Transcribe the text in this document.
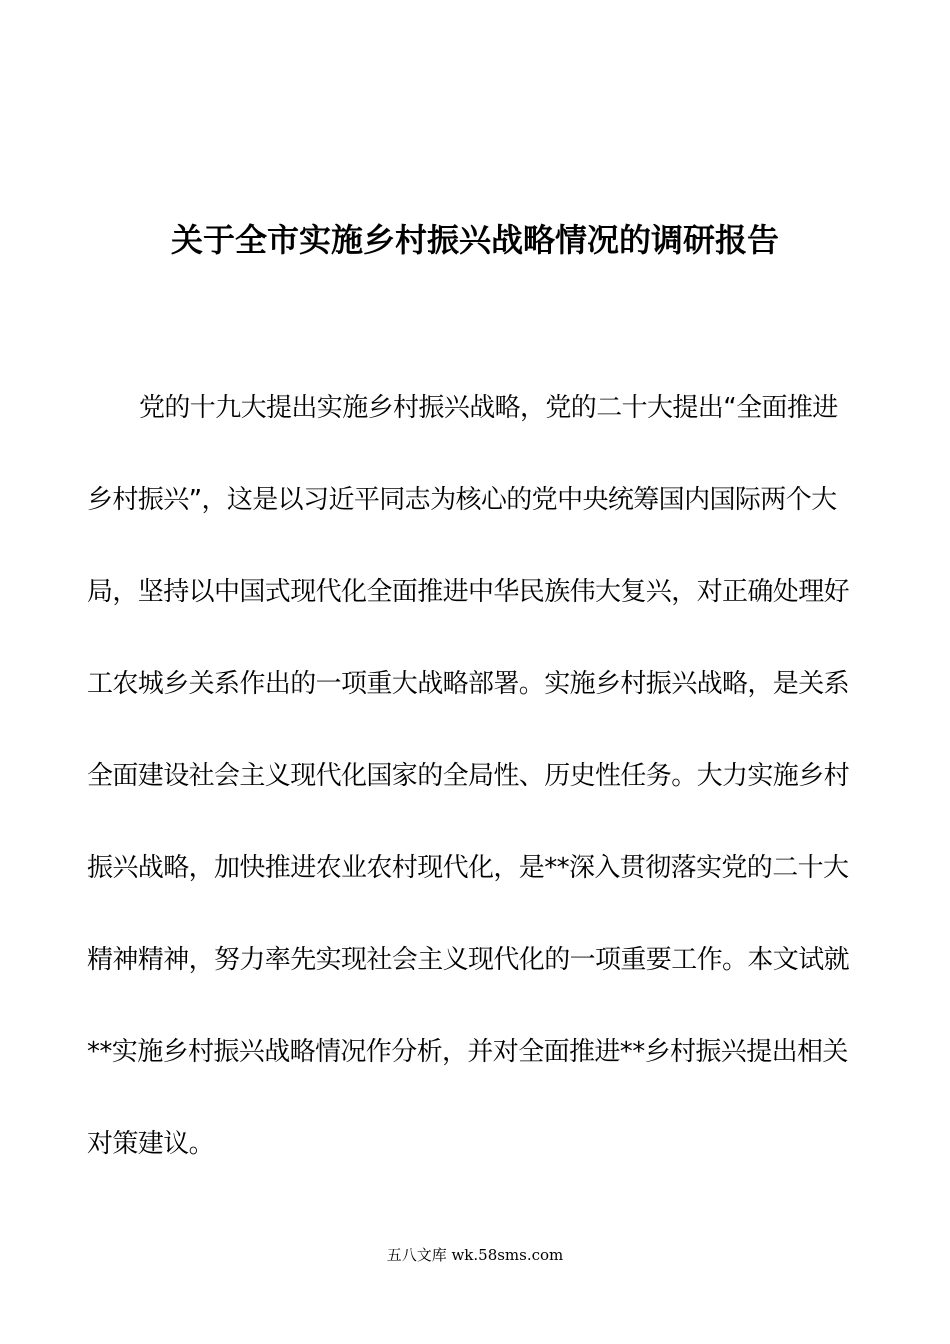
关于全市实施乡村振兴战略情况的调研报告
党的十九大提出实施乡村振兴战略，党的二十大提出“全面推进
乡村振兴”，这是以习近平同志为核心的党中央统筹国内国际两个大
局，坚持以中国式现代化全面推进中华民族伟大复兴，对正确处理好
工农城乡关系作出的一项重大战略部署。实施乡村振兴战略，是关系
全面建设社会主义现代化国家的全局性、历史性任务。大力实施乡村
振兴战略，加快推进农业农村现代化，是**深入贯彻落实党的二十大
精神精神，努力率先实现社会主义现代化的一项重要工作。本文试就
**实施乡村振兴战略情况作分析，并对全面推进**乡村振兴提出相关
对策建议。
五八文库 wk.58sms.com
